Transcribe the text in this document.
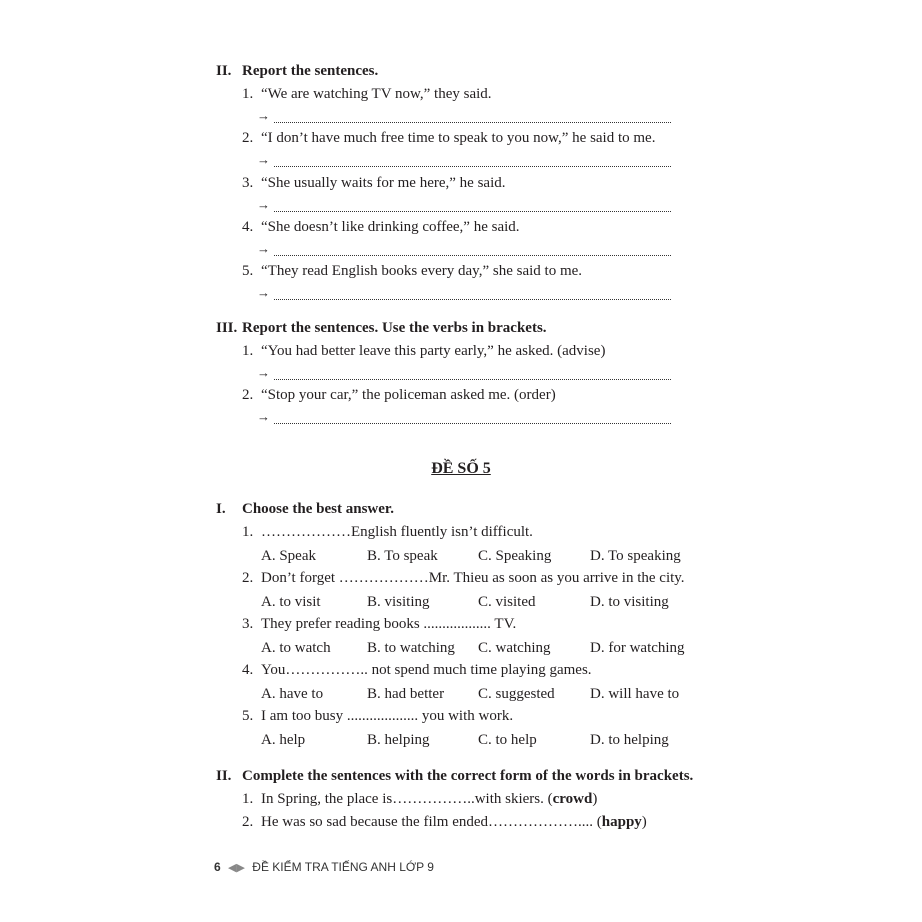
ĐỀ SỐ 5
6 ◀▶ ĐỀ KIỂM TRA TIẾNG ANH LỚP 9
II. Report the sentences.
1. “We are watching TV now,” they said.
→
2. “I don’t have much free time to speak to you now,” he said to me.
→
3. “She usually waits for me here,” he said.
→
4. “She doesn’t like drinking coffee,” he said.
→
5. “They read English books every day,” she said to me.
→
III. Report the sentences. Use the verbs in brackets.
1. “You had better leave this party early,” he asked. (advise)
→
2. “Stop your car,” the policeman asked me. (order)
→
I. Choose the best answer.
1. ………………English fluently isn’t difficult.
A. Speak	B. To speak	C. Speaking	D. To speaking
2. Don’t forget ………………Mr. Thieu as soon as you arrive in the city.
A. to visit	B. visiting	C. visited	D. to visiting
3. They prefer reading books .................. TV.
A. to watch B. to watching C. watching	D. for watching
4. You…………….. not spend much time playing games.
A. have to	B. had better C. suggested D. will have to
5. I am too busy ................... you with work.
A. help	B. helping	C. to help	D. to helping
II. Complete the sentences with the correct form of the words in brackets.
1. In Spring, the place is……………..with skiers. (crowd)
2. He was so sad because the film ended……………….... (happy)
